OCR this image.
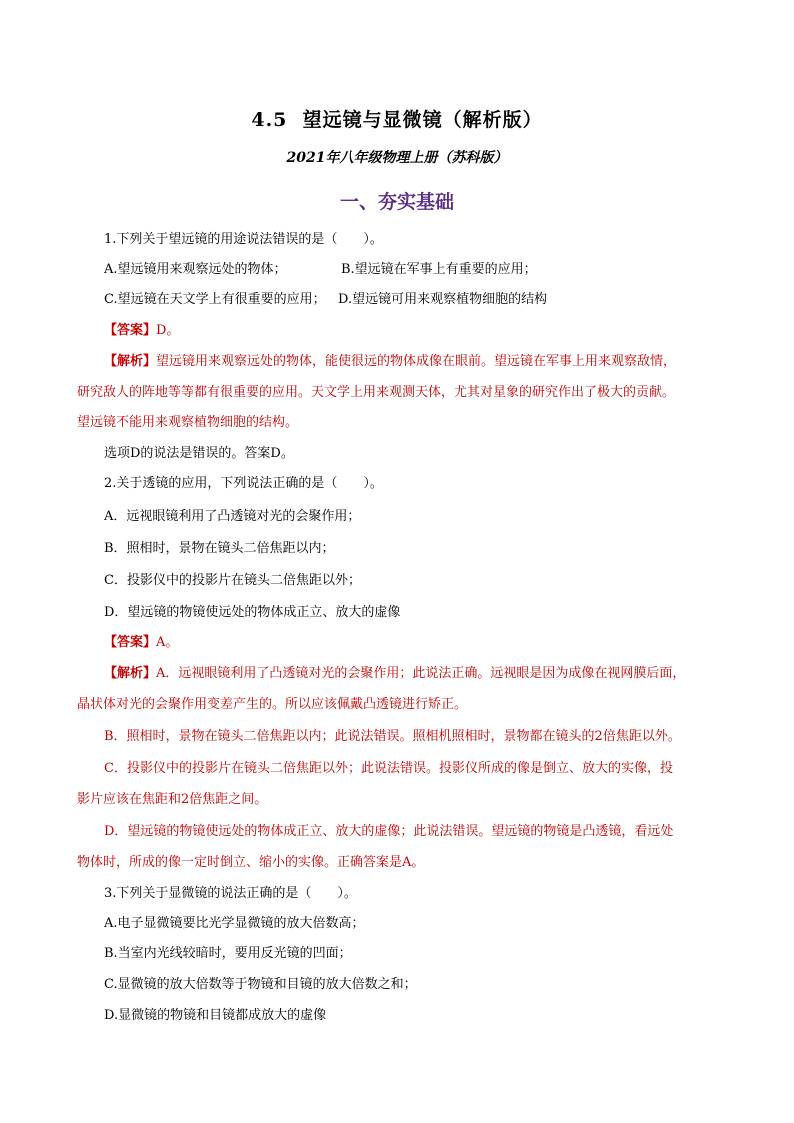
4.5  望远镜与显微镜（解析版）
2021年八年级物理上册（苏科版）
一、夯实基础
1.下列关于望远镜的用途说法错误的是（　　）。
A.望远镜用来观察远处的物体；	B.望远镜在军事上有重要的应用；
C.望远镜在天文学上有很重要的应用； D.望远镜可用来观察植物细胞的结构
【答案】D。
【解析】望远镜用来观察远处的物体，能使很远的物体成像在眼前。望远镜在军事上用来观察敌情，
研究敌人的阵地等等都有很重要的应用。天文学上用来观测天体，尤其对星象的研究作出了极大的贡献。
望远镜不能用来观察植物细胞的结构。
选项D的说法是错误的。答案D。
2.关于透镜的应用，下列说法正确的是（　　）。
A．远视眼镜利用了凸透镜对光的会聚作用；
B．照相时，景物在镜头二倍焦距以内；
C．投影仪中的投影片在镜头二倍焦距以外；
D．望远镜的物镜使远处的物体成正立、放大的虚像
【答案】A。
【解析】A．远视眼镜利用了凸透镜对光的会聚作用；此说法正确。远视眼是因为成像在视网膜后面，
晶状体对光的会聚作用变差产生的。所以应该佩戴凸透镜进行矫正。
B．照相时，景物在镜头二倍焦距以内；此说法错误。照相机照相时，景物都在镜头的2倍焦距以外。
C．投影仪中的投影片在镜头二倍焦距以外；此说法错误。投影仪所成的像是倒立、放大的实像，投
影片应该在焦距和2倍焦距之间。
D．望远镜的物镜使远处的物体成正立、放大的虚像；此说法错误。望远镜的物镜是凸透镜，看远处
物体时，所成的像一定时倒立、缩小的实像。正确答案是A。
3.下列关于显微镜的说法正确的是（　　）。
A.电子显微镜要比光学显微镜的放大倍数高；
B.当室内光线较暗时，要用反光镜的凹面；
C.显微镜的放大倍数等于物镜和目镜的放大倍数之和；
D.显微镜的物镜和目镜都成放大的虚像
